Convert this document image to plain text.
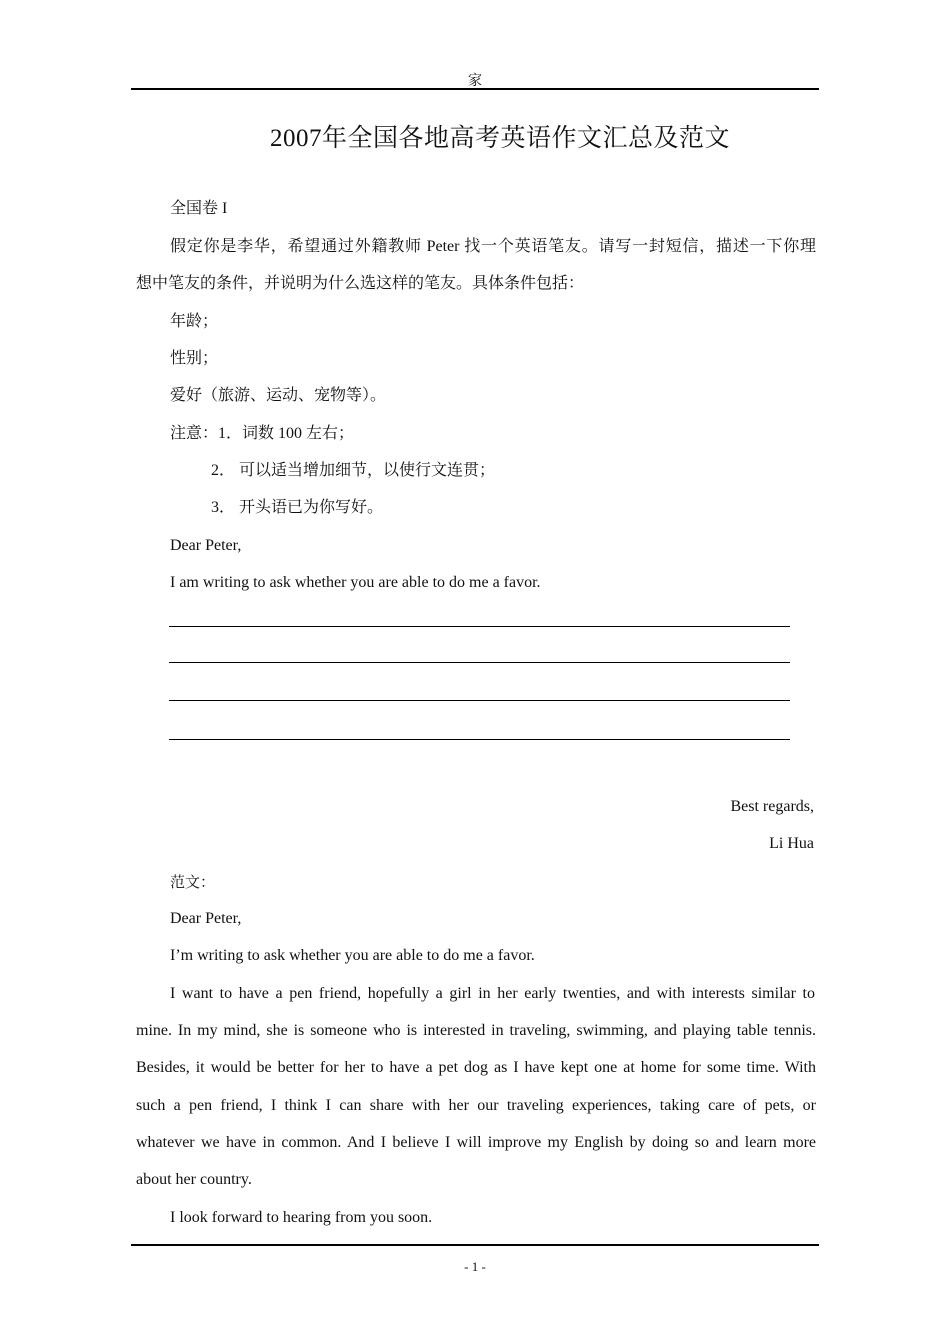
家
2007年全国各地高考英语作文汇总及范文
全国卷 I
假定你是李华，希望通过外籍教师 Peter 找一个英语笔友。请写一封短信，描述一下你理
想中笔友的条件，并说明为什么选这样的笔友。具体条件包括：
年龄；
性别；
爱好（旅游、运动、宠物等）。
注意：1．词数 100 左右；
2． 可以适当增加细节，以使行文连贯；
3． 开头语已为你写好。
Dear Peter,
I am writing to ask whether you are able to do me a favor.
Best regards,
Li Hua
范文：
Dear Peter,
I’m writing to ask whether you are able to do me a favor.
I want to have a pen friend, hopefully a girl in her early twenties, and with interests similar to
mine. In my mind, she is someone who is interested in traveling, swimming, and playing table tennis.
Besides, it would be better for her to have a pet dog as I have kept one at home for some time. With
such a pen friend, I think I can share with her our traveling experiences, taking care of pets, or
whatever we have in common. And I believe I will improve my English by doing so and learn more
about her country.
I look forward to hearing from you soon.
- 1 -
